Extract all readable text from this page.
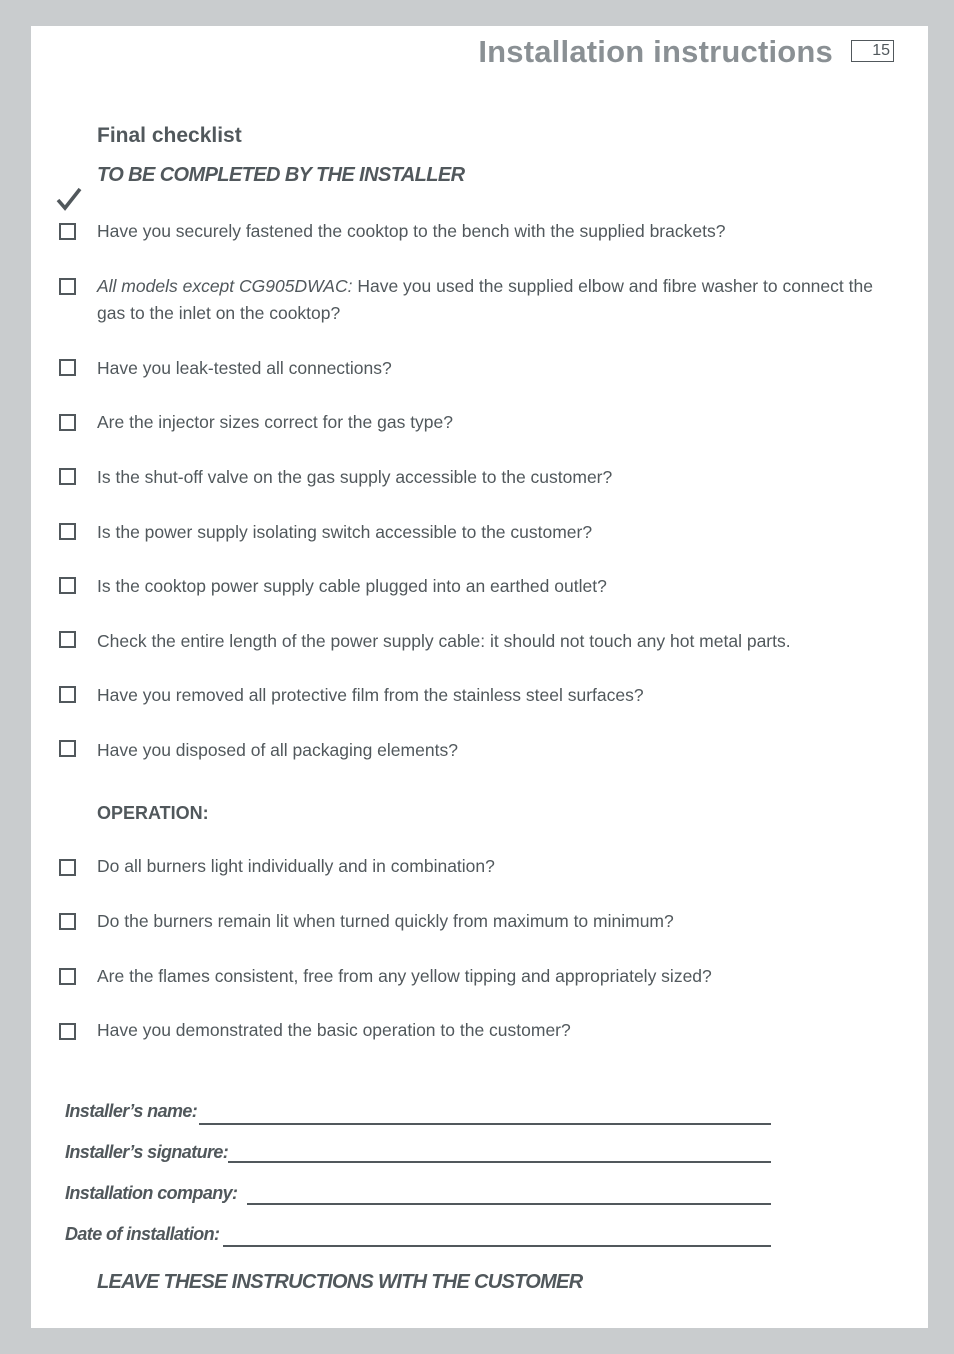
Installation instructions	15
Final checklist
TO BE COMPLETED BY THE INSTALLER
Have you securely fastened the cooktop to the bench with the supplied brackets?
All models except CG905DWAC: Have you used the supplied elbow and fibre washer to connect the gas to the inlet on the cooktop?
Have you leak-tested all connections?
Are the injector sizes correct for the gas type?
Is the shut-off valve on the gas supply accessible to the customer?
Is the power supply isolating switch accessible to the customer?
Is the cooktop power supply cable plugged into an earthed outlet?
Check the entire length of the power supply cable: it should not touch any hot metal parts.
Have you removed all protective film from the stainless steel surfaces?
Have you disposed of all packaging elements?
OPERATION:
Do all burners light individually and in combination?
Do the burners remain lit when turned quickly from maximum to minimum?
Are the flames consistent, free from any yellow tipping and appropriately sized?
Have you demonstrated the basic operation to the customer?
Installer’s name:
Installer’s signature:
Installation company:
Date of installation:
LEAVE THESE INSTRUCTIONS WITH THE CUSTOMER
